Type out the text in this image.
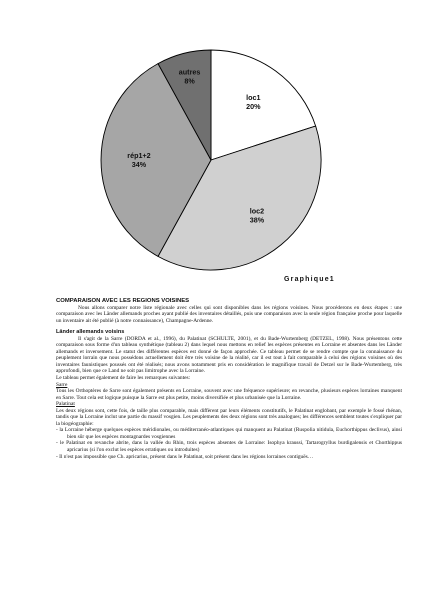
loc1
20%
loc2
38%
rép1+2
34%
autres
8%
Graphique1

COMPARAISON AVEC LES REGIONS VOISINES

Nous allons comparer notre liste régionale avec celles qui sont disponibles dans les régions voisines. Nous procéderons en deux étapes : une comparaison avec les Länder allemands proches ayant publié des inventaires détaillés, puis une comparaison avec la seule région française proche pour laquelle un inventaire ait été publié (à notre connaissance), Champagne-Ardenne.

Länder allemands voisins

Il s'agit de la Sarre (DORDA et al., 1996), du Palatinat (SCHULTE, 2001), et du Bade-Wurtemberg (DETZEL, 1998). Nous présentons cette comparaison sous forme d'un tableau synthétique (tableau 2) dans lequel nous mettons en relief les espèces présentes en Lorraine et absentes dans les Länder allemands et inversement. Le statut des différentes espèces est donné de façon approchée. Ce tableau permet de se rendre compte que la connaissance du peuplement lorrain que nous possédons actuellement doit être très voisine de la réalité, car il est tout à fait comparable à celui des régions voisines où des inventaires faunistiques poussés ont été réalisés; nous avons notamment pris en considération le magnifique travail de Detzel sur le Bade-Wurtemberg, très approfondi, bien que ce Land ne soit pas limitrophe avec la Lorraine.

Le tableau permet également de faire les remarques suivantes:

Sarre

Tous les Orthoptères de Sarre sont également présents en Lorraine, souvent avec une fréquence supérieure; en revanche, plusieurs espèces lorraines manquent en Sarre. Tout cela est logique puisque la Sarre est plus petite, moins diversifiée et plus urbanisée que la Lorraine.

Palatinat

Les deux régions sont, cette fois, de taille plus comparable, mais diffèrent par leurs éléments constitutifs, le Palatinat englobant, par exemple le fossé rhénan, tandis que la Lorraine inclut une partie du massif vosgien. Les peuplements des deux régions sont très analogues; les différences semblent toutes s'expliquer par la biogéographie:

- la Lorraine héberge quelques espèces méridionales, ou méditerranéo-atlantiques qui manquent au Palatinat (Ruspolia nitidula, Euchorthippus declivus), ainsi bien sûr que les espèces montagnardes vosgiennes

- le Palatinat en revanche abrite, dans la vallée du Rhin, trois espèces absentes de Lorraine: Isophya kraussi, Tartarogryllus burdigalensis et Chorthippus apricarius (si l'on exclut les espèces erratiques ou introduites)

- Il n'est pas impossible que Ch. apricarius, présent dans le Palatinat, soit présent dans les régions lorraines contiguës…
